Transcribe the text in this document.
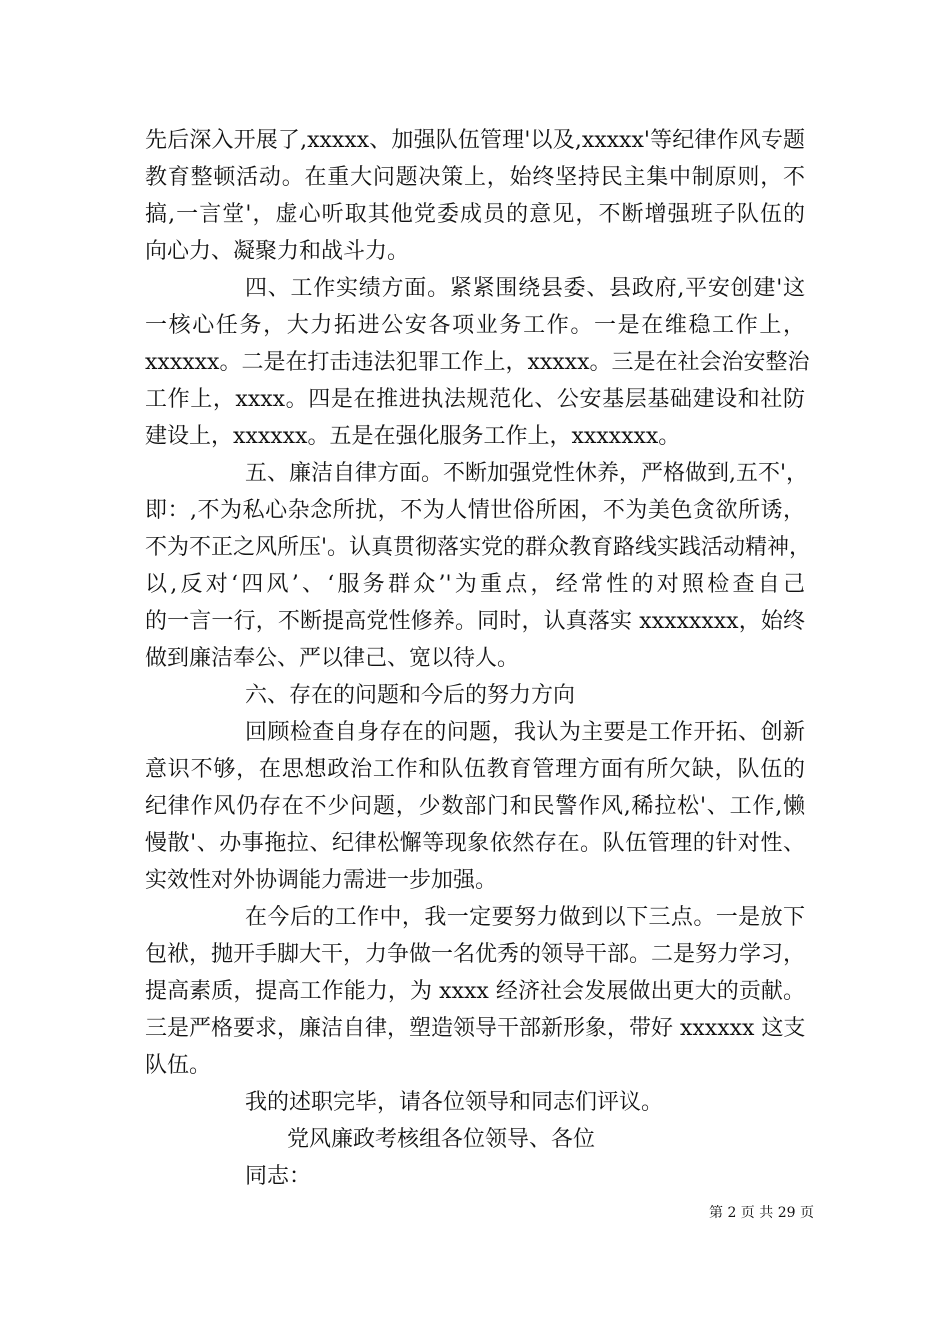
先后深入开展了,xxxxx、加强队伍管理'以及,xxxxx'等纪律作风专题
教育整顿活动。在重大问题决策上，始终坚持民主集中制原则，不
搞,一言堂'，虚心听取其他党委成员的意见，不断增强班子队伍的
向心力、凝聚力和战斗力。
四、工作实绩方面。紧紧围绕县委、县政府,平安创建'这
一核心任务，大力拓进公安各项业务工作。一是在维稳工作上，
xxxxxx。二是在打击违法犯罪工作上，xxxxx。三是在社会治安整治
工作上，xxxx。四是在推进执法规范化、公安基层基础建设和社防
建设上，xxxxxx。五是在强化服务工作上，xxxxxxx。
五、廉洁自律方面。不断加强党性休养，严格做到,五不'，
即：,不为私心杂念所扰，不为人情世俗所困，不为美色贪欲所诱，
不为不正之风所压'。认真贯彻落实党的群众教育路线实践活动精神，
以,反对‘四风’、‘服务群众’'为重点，经常性的对照检查自己
的一言一行，不断提高党性修养。同时，认真落实 xxxxxxxx，始终
做到廉洁奉公、严以律己、宽以待人。
六、存在的问题和今后的努力方向
回顾检查自身存在的问题，我认为主要是工作开拓、创新
意识不够，在思想政治工作和队伍教育管理方面有所欠缺，队伍的
纪律作风仍存在不少问题，少数部门和民警作风,稀拉松'、工作,懒
慢散'、办事拖拉、纪律松懈等现象依然存在。队伍管理的针对性、
实效性对外协调能力需进一步加强。
在今后的工作中，我一定要努力做到以下三点。一是放下
包袱，抛开手脚大干，力争做一名优秀的领导干部。二是努力学习，
提高素质，提高工作能力，为 xxxx 经济社会发展做出更大的贡献。
三是严格要求，廉洁自律，塑造领导干部新形象，带好 xxxxxx 这支
队伍。
我的述职完毕，请各位领导和同志们评议。
党风廉政考核组各位领导、各位
同志：
第 2 页 共 29 页
